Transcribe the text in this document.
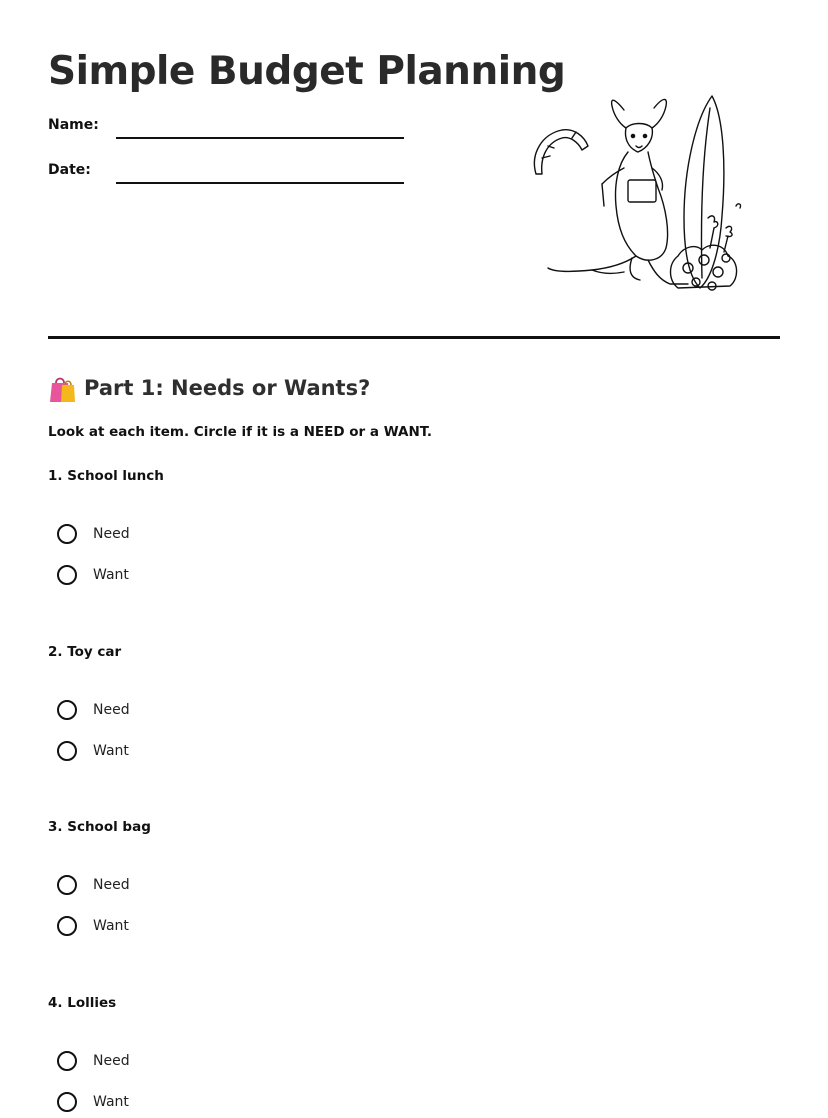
Simple Budget Planning
Name:
Date:
Part 1: Needs or Wants?
Look at each item. Circle if it is a NEED or a WANT.
1. School lunch
Need
Want
2. Toy car
Need
Want
3. School bag
Need
Want
4. Lollies
Need
Want
